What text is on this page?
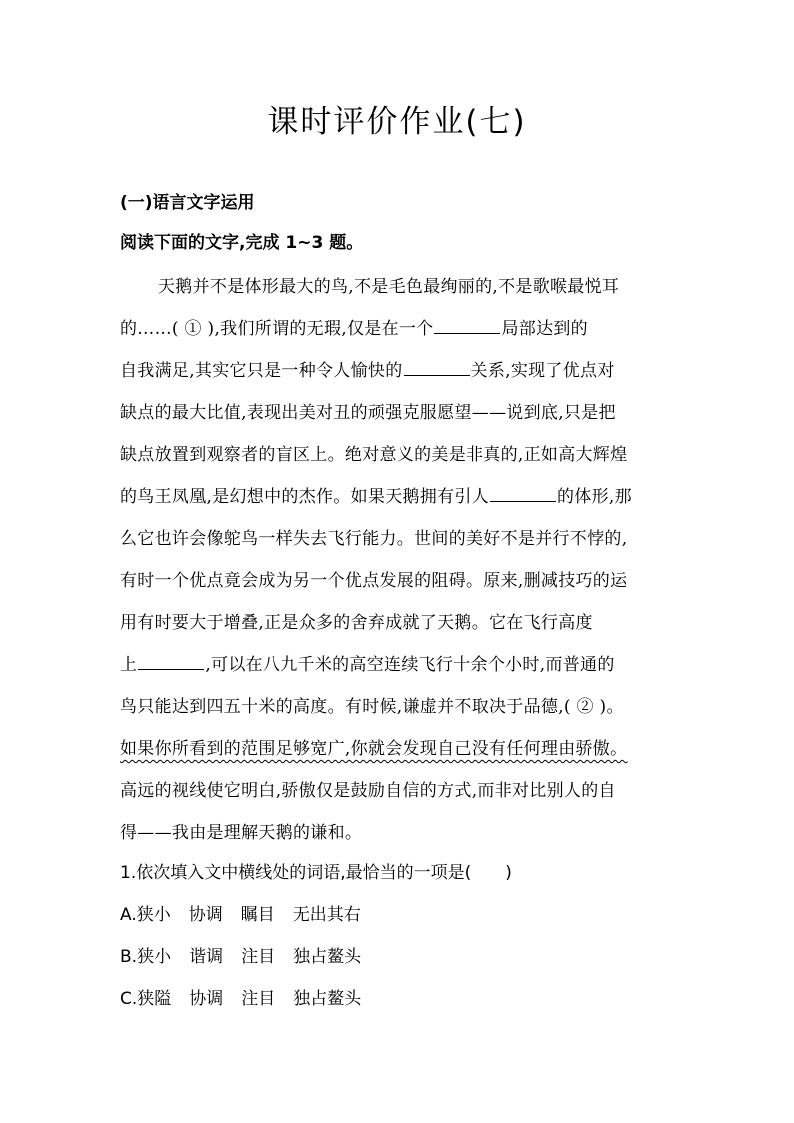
课时评价作业(七)
(一)语言文字运用
阅读下面的文字,完成 1~3 题。
天鹅并不是体形最大的鸟,不是毛色最绚丽的,不是歌喉最悦耳
的……( ① ),我们所谓的无瑕,仅是在一个	局部达到的
自我满足,其实它只是一种令人愉快的	关系,实现了优点对
缺点的最大比值,表现出美对丑的顽强克服愿望——说到底,只是把
缺点放置到观察者的盲区上。绝对意义的美是非真的,正如高大辉煌
的鸟王凤凰,是幻想中的杰作。如果天鹅拥有引人	的体形,那
么它也许会像鸵鸟一样失去飞行能力。世间的美好不是并行不悖的,
有时一个优点竟会成为另一个优点发展的阻碍。原来,删减技巧的运
用有时要大于增叠,正是众多的舍弃成就了天鹅。它在飞行高度
上	,可以在八九千米的高空连续飞行十余个小时,而普通的
鸟只能达到四五十米的高度。有时候,谦虚并不取决于品德,( ② )。
如果你所看到的范围足够宽广,你就会发现自己没有任何理由骄傲。
高远的视线使它明白,骄傲仅是鼓励自信的方式,而非对比别人的自
得——我由是理解天鹅的谦和。
1.依次填入文中横线处的词语,最恰当的一项是(　　)
A.狭小 协调 瞩目 无出其右
B.狭小 谐调 注目 独占鳌头
C.狭隘 协调 注目 独占鳌头
